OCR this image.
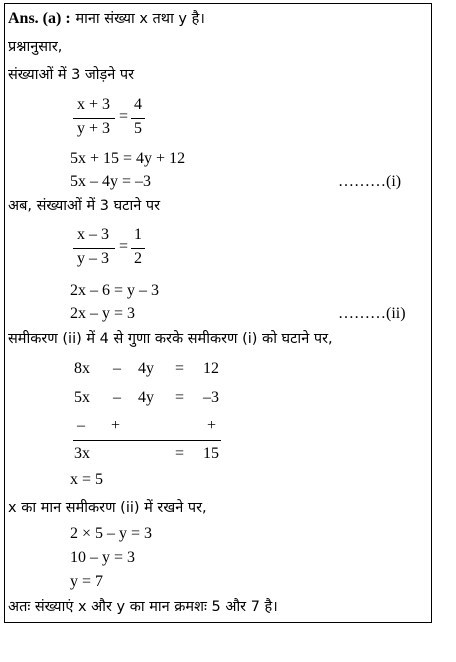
Ans. (a) : माना संख्या x तथा y है।
प्रश्नानुसार,
संख्याओं में 3 जोड़ने पर
x + 3
y + 3
=
4
5
5x + 15 = 4y + 12
5x – 4y = –3	………(i)
अब, संख्याओं में 3 घटाने पर
x – 3
y – 3
=
1
2
2x – 6 = y – 3
2x – y = 3	………(ii)
समीकरण (ii) में 4 से गुणा करके समीकरण (i) को घटाने पर,
8x – 4y = 12
5x – 4y = –3
– +	+
3x	= 15
x = 5
x का मान समीकरण (ii) में रखने पर,
2 × 5 – y = 3
10 – y = 3
y = 7
अतः संख्याएं x और y का मान क्रमशः 5 और 7 है।
